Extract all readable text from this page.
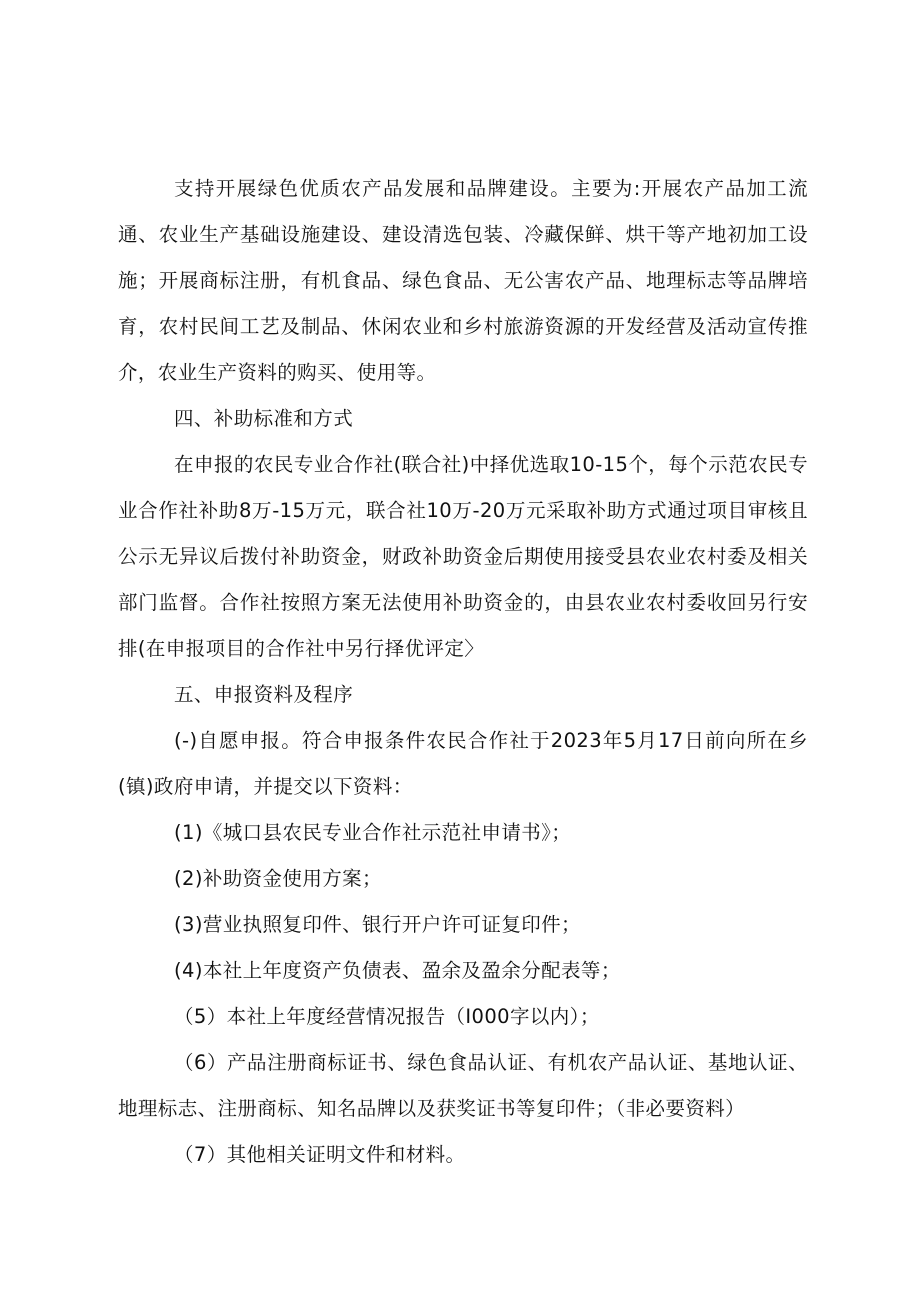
支持开展绿色优质农产品发展和品牌建设。主要为:开展农产品加工流通、农业生产基础设施建设、建设清选包装、冷藏保鲜、烘干等产地初加工设施；开展商标注册，有机食品、绿色食品、无公害农产品、地理标志等品牌培育，农村民间工艺及制品、休闲农业和乡村旅游资源的开发经营及活动宣传推介，农业生产资料的购买、使用等。

四、补助标准和方式

在申报的农民专业合作社(联合社)中择优选取10-15个，每个示范农民专业合作社补助8万-15万元，联合社10万-20万元采取补助方式通过项目审核且公示无异议后拨付补助资金，财政补助资金后期使用接受县农业农村委及相关部门监督。合作社按照方案无法使用补助资金的，由县农业农村委收回另行安排(在申报项目的合作社中另行择优评定〉

五、申报资料及程序

(-)自愿申报。符合申报条件农民合作社于2023年5月17日前向所在乡(镇)政府申请，并提交以下资料：

(1)《城口县农民专业合作社示范社申请书》；

(2)补助资金使用方案；

(3)营业执照复印件、银行开户许可证复印件；

(4)本社上年度资产负债表、盈余及盈余分配表等；

（5）本社上年度经营情况报告（I000字以内）；

（6）产品注册商标证书、绿色食品认证、有机农产品认证、基地认证、地理标志、注册商标、知名品牌以及获奖证书等复印件；（非必要资料）

（7）其他相关证明文件和材料。
